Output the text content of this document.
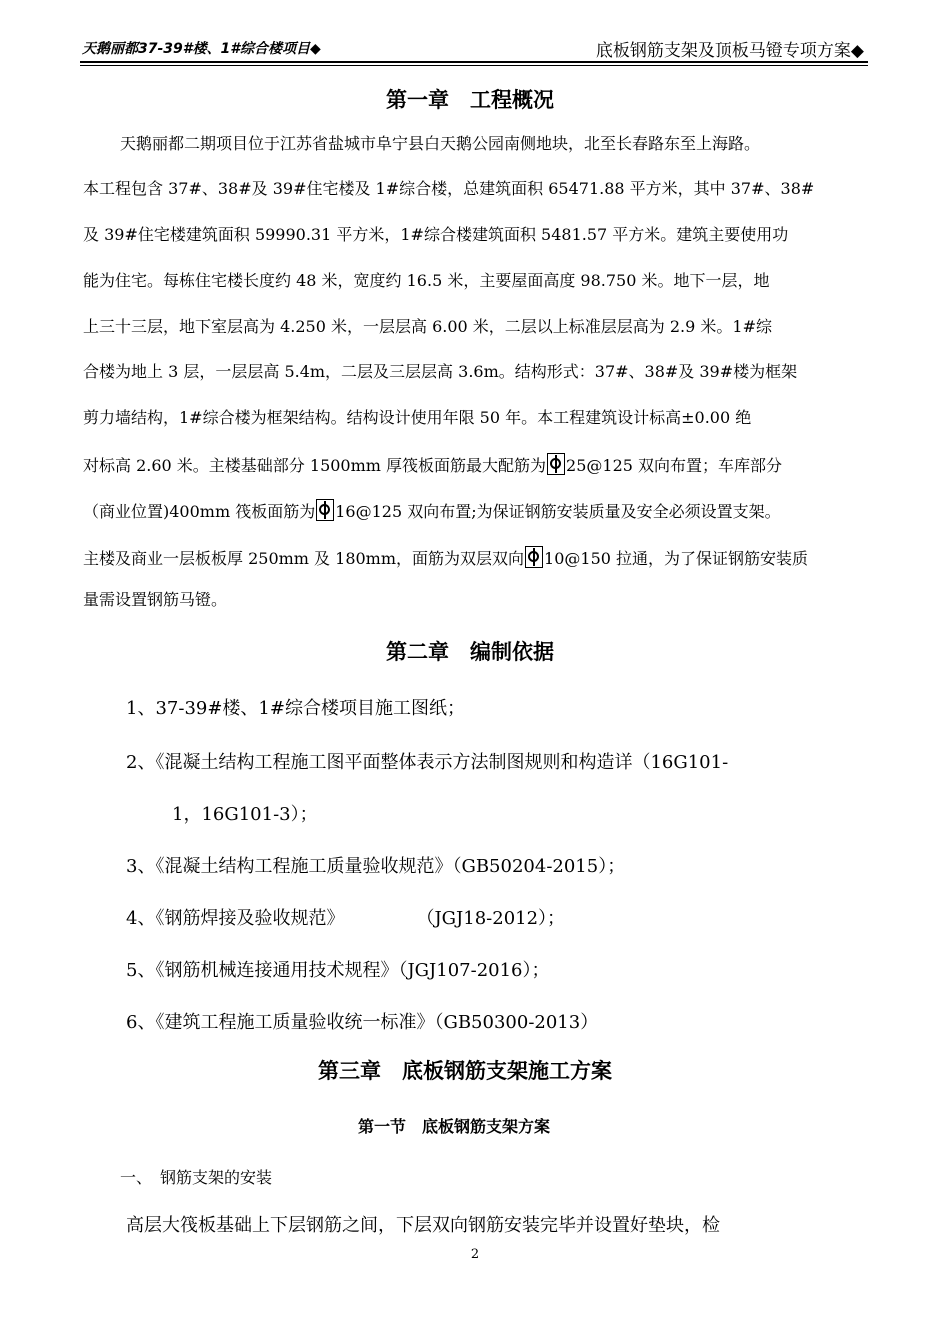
天鹅丽都37-39#楼、1#综合楼项目◆	底板钢筋支架及顶板马镫专项方案◆
第一章　工程概况
天鹅丽都二期项目位于江苏省盐城市阜宁县白天鹅公园南侧地块，北至长春路东至上海路。
本工程包含 37#、38#及 39#住宅楼及 1#综合楼，总建筑面积 65471.88 平方米，其中 37#、38#
及 39#住宅楼建筑面积 59990.31 平方米，1#综合楼建筑面积 5481.57 平方米。建筑主要使用功
能为住宅。每栋住宅楼长度约 48 米，宽度约 16.5 米，主要屋面高度 98.750 米。地下一层，地
上三十三层，地下室层高为 4.250 米，一层层高 6.00 米，二层以上标准层层高为 2.9 米。1#综
合楼为地上 3 层，一层层高 5.4m，二层及三层层高 3.6m。结构形式：37#、38#及 39#楼为框架
剪力墙结构，1#综合楼为框架结构。结构设计使用年限 50 年。本工程建筑设计标高±0.00 绝
对标高 2.60 米。主楼基础部分 1500mm 厚筏板面筋最大配筋为 25@125 双向布置；车库部分
（商业位置)400mm 筏板面筋为 16@125 双向布置;为保证钢筋安装质量及安全必须设置支架。
主楼及商业一层板板厚 250mm 及 180mm，面筋为双层双向 10@150 拉通，为了保证钢筋安装质
量需设置钢筋马镫。
第二章　编制依据
1、37-39#楼、1#综合楼项目施工图纸；
2、《混凝土结构工程施工图平面整体表示方法制图规则和构造详（16G101-
1，16G101-3）；
3、《混凝土结构工程施工质量验收规范》（GB50204-2015）；
4、《钢筋焊接及验收规范》　　　　　（JGJ18-2012）；
5、《钢筋机械连接通用技术规程》（JGJ107-2016）；
6、《建筑工程施工质量验收统一标准》（GB50300-2013）
第三章　底板钢筋支架施工方案
第一节　底板钢筋支架方案
一、　钢筋支架的安装
高层大筏板基础上下层钢筋之间，下层双向钢筋安装完毕并设置好垫块，检
2
